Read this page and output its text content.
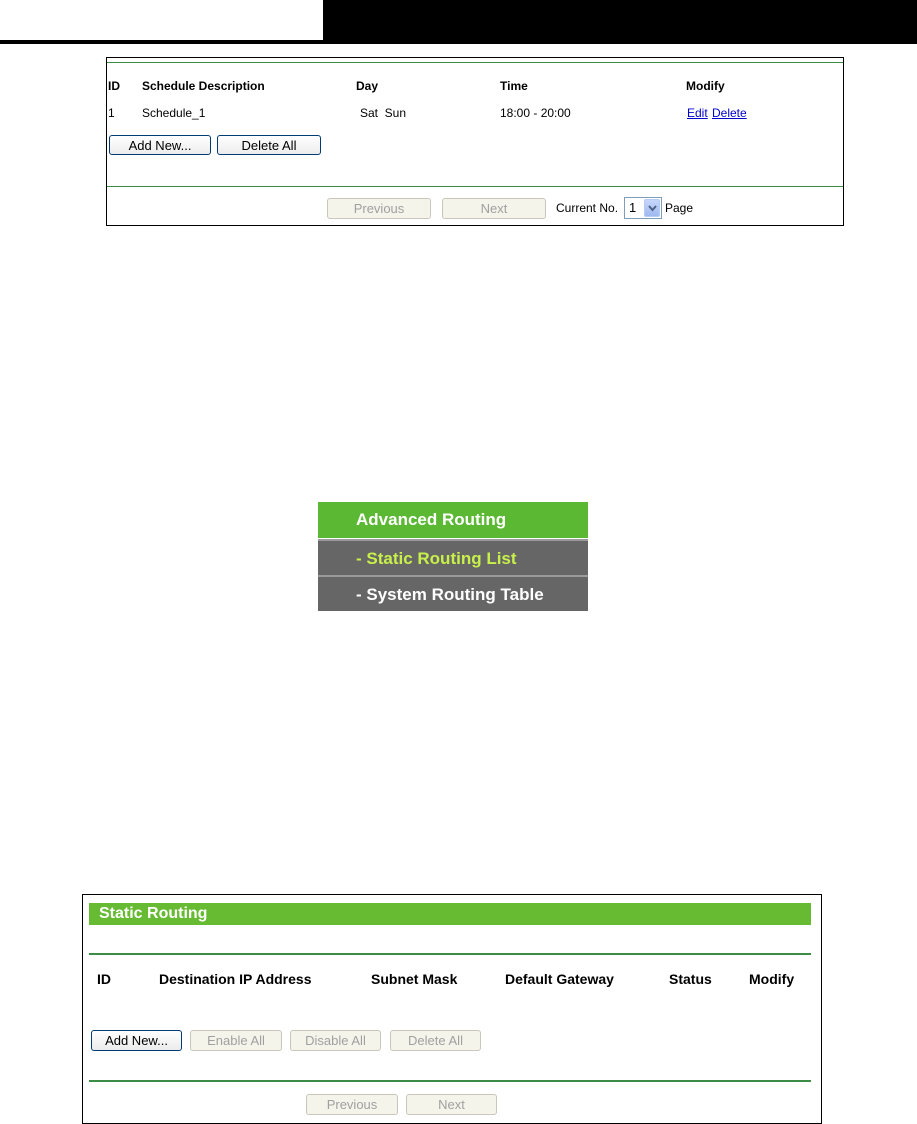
ID Schedule Description	Day	Time	Modify
1 Schedule_1	Sat  Sun	18:00 - 20:00	Edit Delete
Add New...	Delete All
Previous	Next	Current No. 1 Page
Advanced Routing
- Static Routing List
- System Routing Table
Static Routing
ID	Destination IP Address	Subnet Mask	Default Gateway	Status	Modify
Add New...	Enable All	Disable All	Delete All
Previous	Next
